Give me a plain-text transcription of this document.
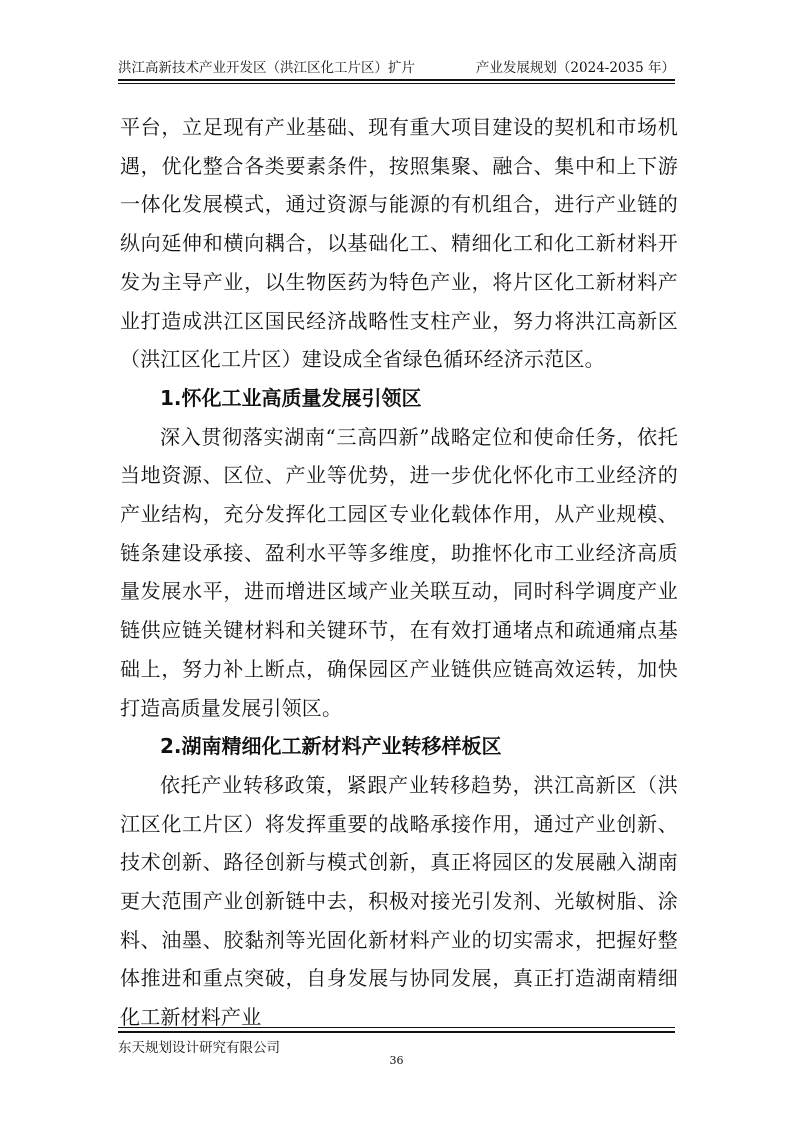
洪江高新技术产业开发区（洪江区化工片区）扩片	产业发展规划（2024-2035 年）

平台，立足现有产业基础、现有重大项目建设的契机和市场机遇，优化整合各类要素条件，按照集聚、融合、集中和上下游一体化发展模式，通过资源与能源的有机组合，进行产业链的纵向延伸和横向耦合，以基础化工、精细化工和化工新材料开发为主导产业，以生物医药为特色产业，将片区化工新材料产业打造成洪江区国民经济战略性支柱产业，努力将洪江高新区（洪江区化工片区）建设成全省绿色循环经济示范区。

1.怀化工业高质量发展引领区

深入贯彻落实湖南“三高四新”战略定位和使命任务，依托当地资源、区位、产业等优势，进一步优化怀化市工业经济的产业结构，充分发挥化工园区专业化载体作用，从产业规模、链条建设承接、盈利水平等多维度，助推怀化市工业经济高质量发展水平，进而增进区域产业关联互动，同时科学调度产业链供应链关键材料和关键环节，在有效打通堵点和疏通痛点基础上，努力补上断点，确保园区产业链供应链高效运转，加快打造高质量发展引领区。

2.湖南精细化工新材料产业转移样板区

依托产业转移政策，紧跟产业转移趋势，洪江高新区（洪江区化工片区）将发挥重要的战略承接作用，通过产业创新、技术创新、路径创新与模式创新，真正将园区的发展融入湖南更大范围产业创新链中去，积极对接光引发剂、光敏树脂、涂料、油墨、胶黏剂等光固化新材料产业的切实需求，把握好整体推进和重点突破，自身发展与协同发展，真正打造湖南精细化工新材料产业

东天规划设计研究有限公司
36
